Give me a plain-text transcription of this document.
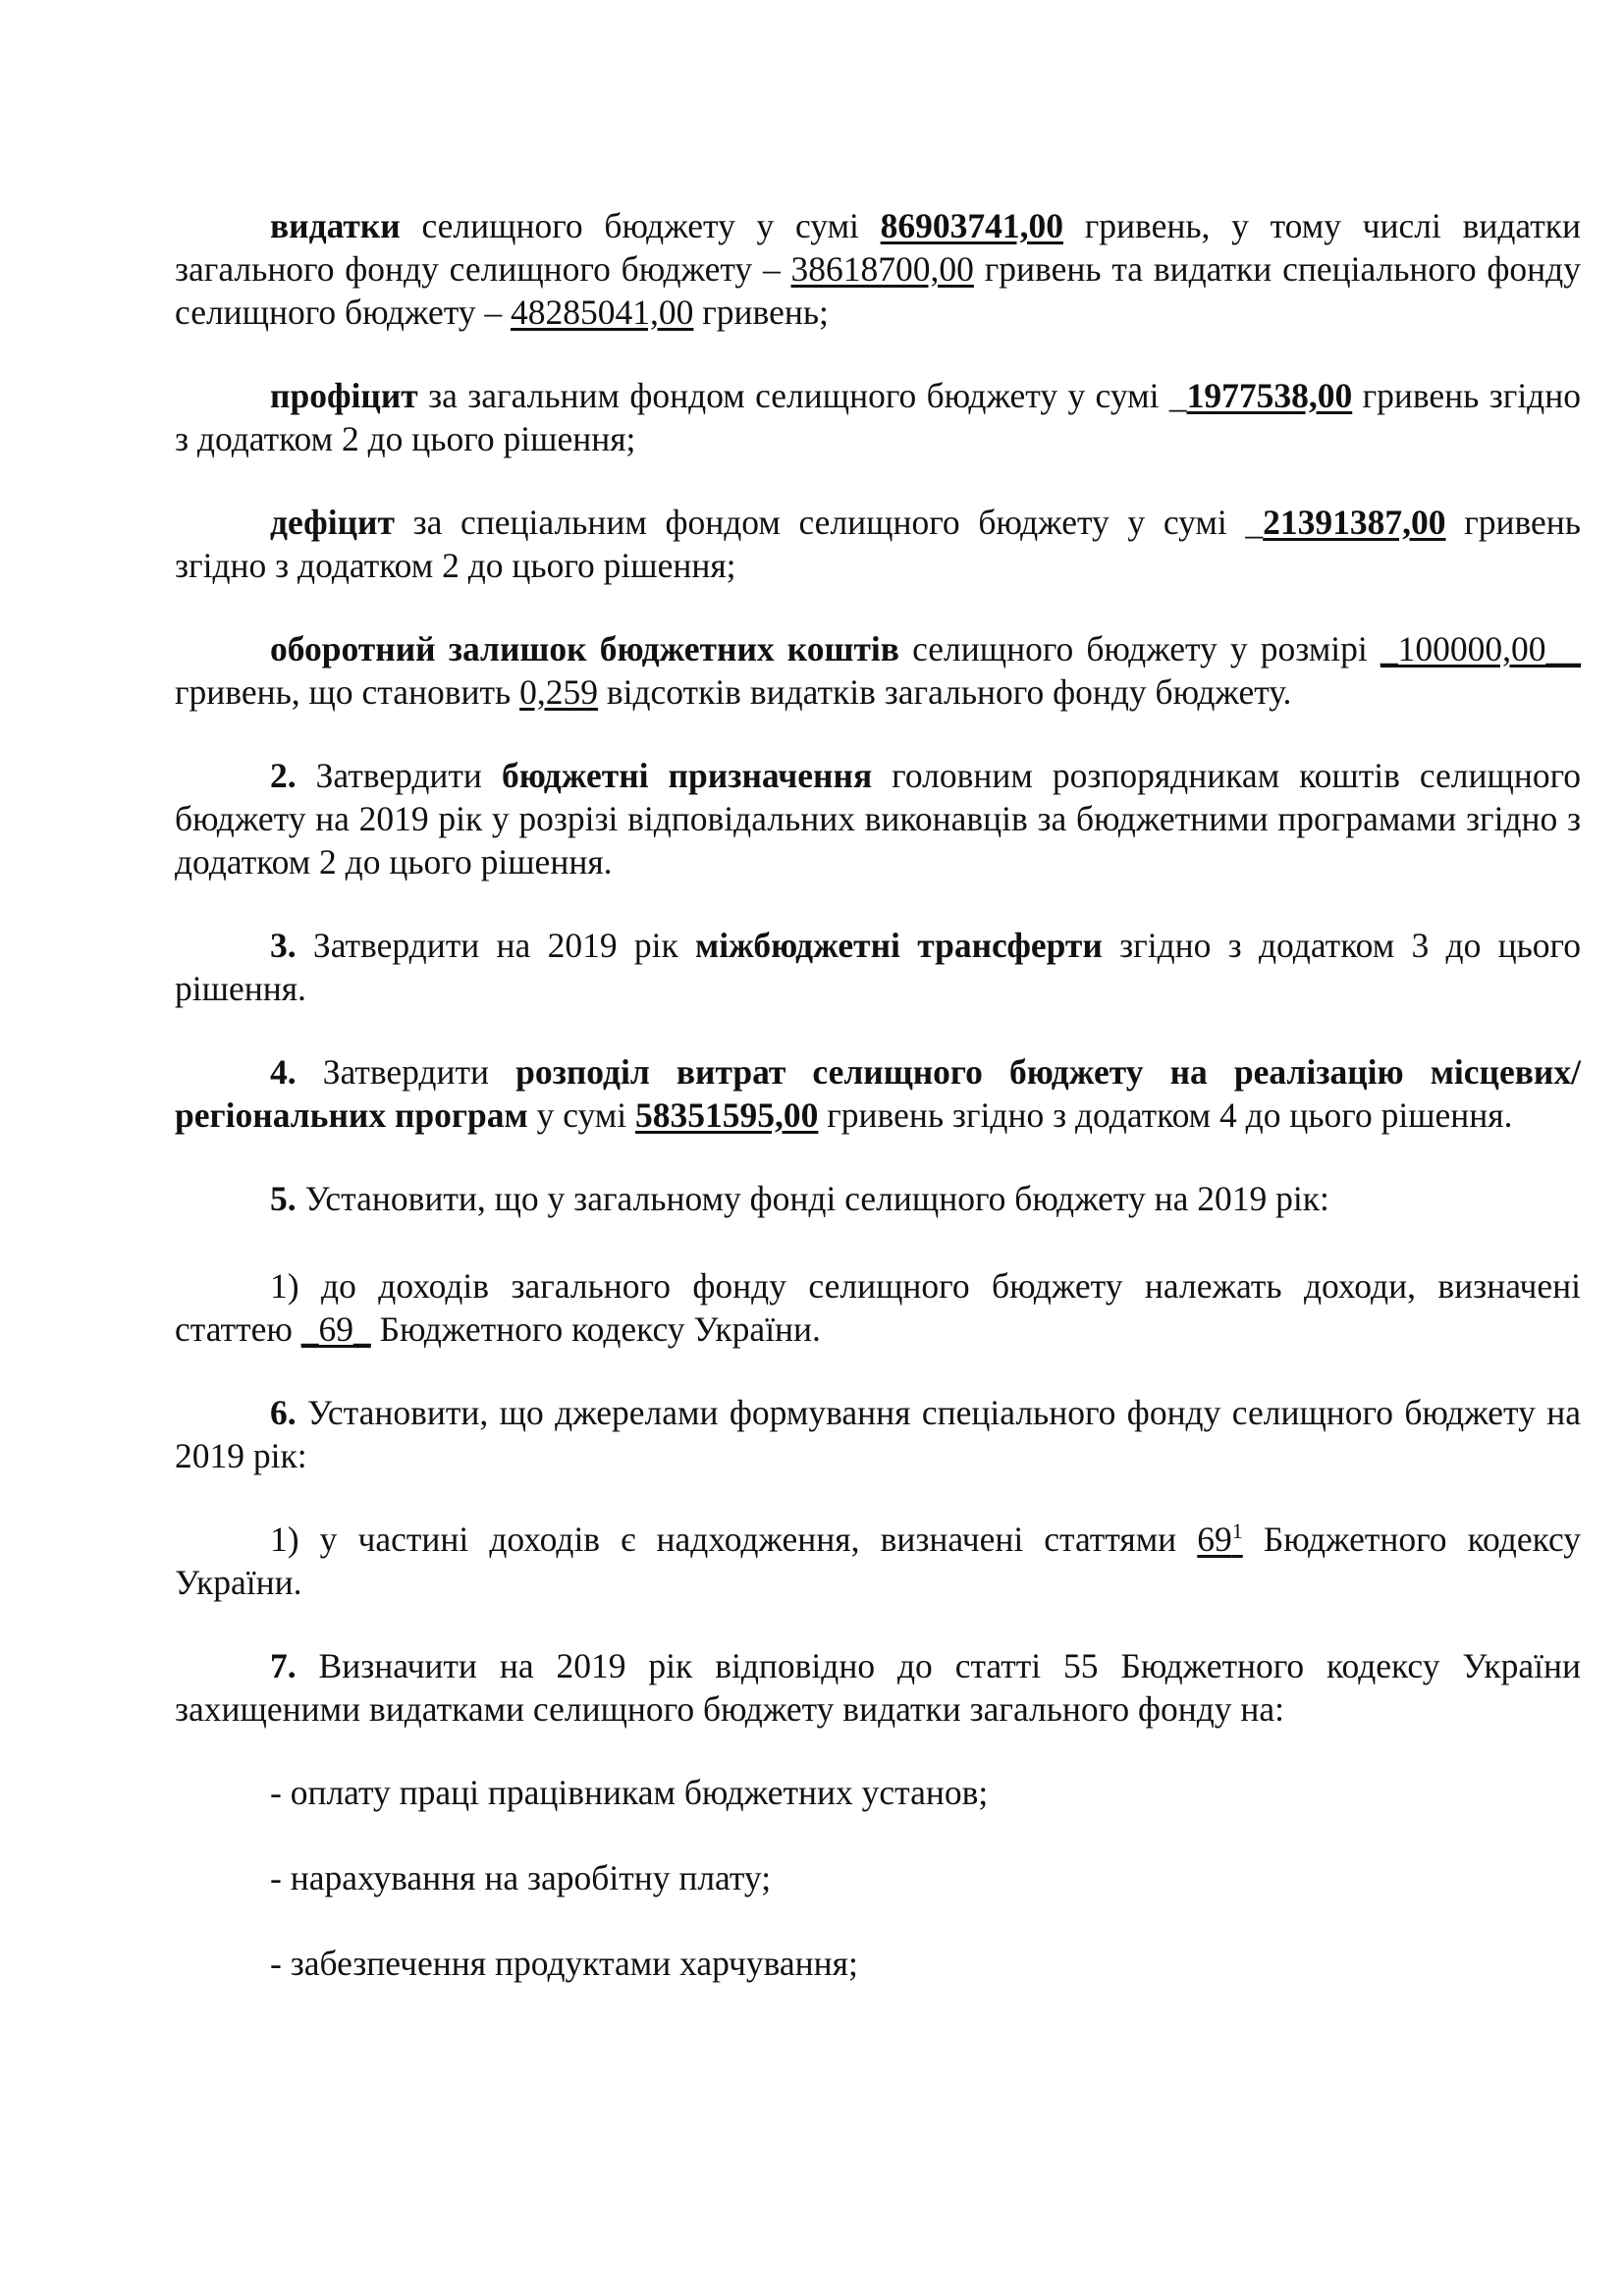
видатки селищного бюджету у сумі 86903741,00 гривень, у тому числі видатки загального фонду селищного бюджету – 38618700,00 гривень та видатки спеціального фонду селищного бюджету – 48285041,00 гривень;

профіцит за загальним фондом селищного бюджету у сумі _1977538,00 гривень згідно з додатком 2 до цього рішення;

дефіцит за спеціальним фондом селищного бюджету у сумі _21391387,00 гривень згідно з додатком 2 до цього рішення;

оборотний залишок бюджетних коштів селищного бюджету у розмірі _100000,00__ гривень, що становить 0,259 відсотків видатків загального фонду бюджету.

2. Затвердити бюджетні призначення головним розпорядникам коштів селищного бюджету на 2019 рік у розрізі відповідальних виконавців за бюджетними програмами згідно з додатком 2 до цього рішення.

3. Затвердити на 2019 рік міжбюджетні трансферти згідно з додатком 3 до цього рішення.

4. Затвердити розподіл витрат селищного бюджету на реалізацію місцевих/регіональних програм у сумі 58351595,00 гривень згідно з додатком 4 до цього рішення.

5. Установити, що у загальному фонді селищного бюджету на 2019 рік:

1) до доходів загального фонду селищного бюджету належать доходи, визначені статтею _69_ Бюджетного кодексу України.

6. Установити, що джерелами формування спеціального фонду селищного бюджету на 2019 рік:

1) у частині доходів є надходження, визначені статтями $69^1$ Бюджетного кодексу України.

7. Визначити на 2019 рік відповідно до статті 55 Бюджетного кодексу України захищеними видатками селищного бюджету видатки загального фонду на:

- оплату праці працівникам бюджетних установ;

- нарахування на заробітну плату;

- забезпечення продуктами харчування;
